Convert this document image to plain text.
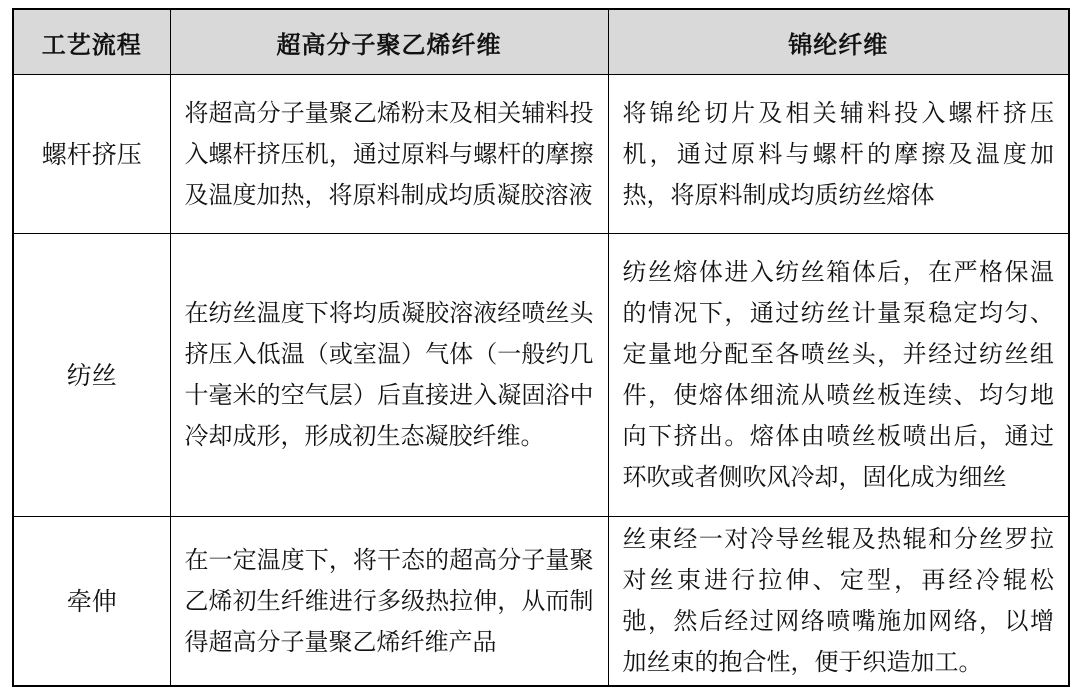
工艺流程	超高分子聚乙烯纤维	锦纶纤维
螺杆挤压	将超高分子量聚乙烯粉末及相关辅料投入螺杆挤压机，通过原料与螺杆的摩擦及温度加热，将原料制成均质凝胶溶液	将锦纶切片及相关辅料投入螺杆挤压机，通过原料与螺杆的摩擦及温度加热，将原料制成均质纺丝熔体
纺丝	在纺丝温度下将均质凝胶溶液经喷丝头挤压入低温（或室温）气体（一般约几十毫米的空气层）后直接进入凝固浴中冷却成形，形成初生态凝胶纤维。	纺丝熔体进入纺丝箱体后，在严格保温的情况下，通过纺丝计量泵稳定均匀、定量地分配至各喷丝头，并经过纺丝组件，使熔体细流从喷丝板连续、均匀地向下挤出。熔体由喷丝板喷出后，通过环吹或者侧吹风冷却，固化成为细丝
牵伸	在一定温度下，将干态的超高分子量聚乙烯初生纤维进行多级热拉伸，从而制得超高分子量聚乙烯纤维产品	丝束经一对冷导丝辊及热辊和分丝罗拉对丝束进行拉伸、定型，再经冷辊松弛，然后经过网络喷嘴施加网络，以增加丝束的抱合性，便于织造加工。
